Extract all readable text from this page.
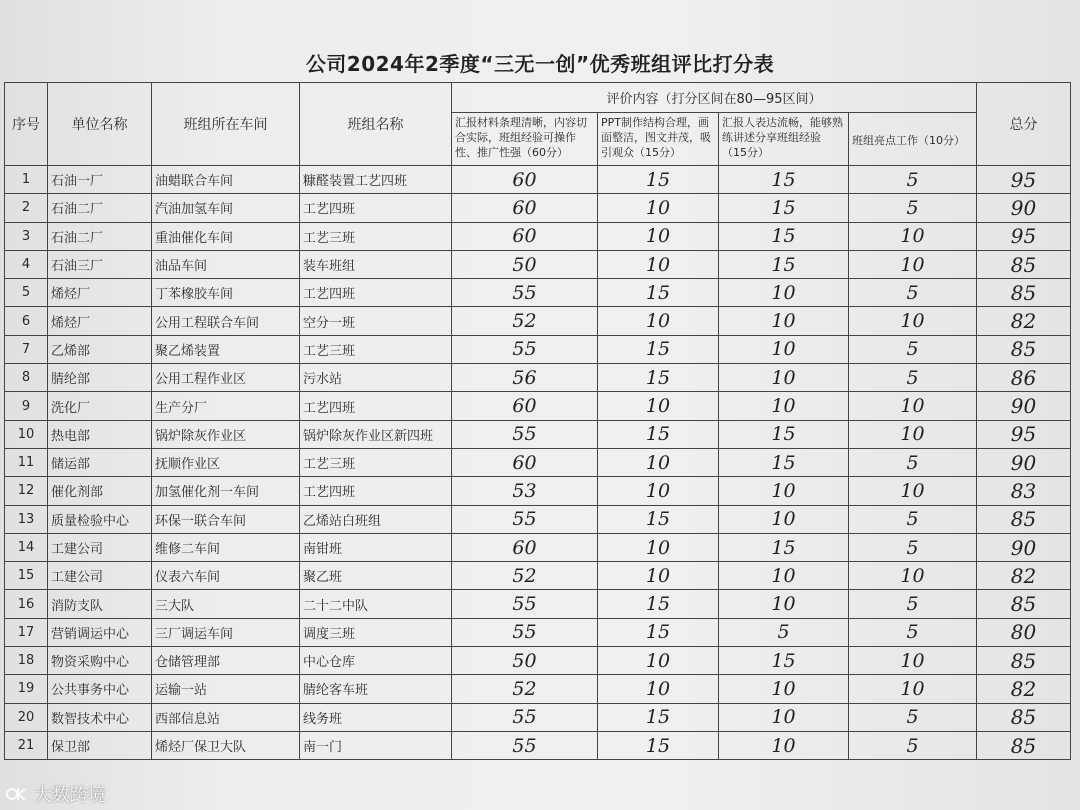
公司2024年2季度“三无一创”优秀班组评比打分表
序号	单位名称	班组所在车间	班组名称	评价内容（打分区间在80—95区间）				总分
				汇报材料条理清晰，内容切合实际，班组经验可操作性、推广性强（60分）	PPT制作结构合理，画面整洁，图文并茂，吸引观众（15分）	汇报人表达流畅，能够熟练讲述分享班组经验（15分）	班组亮点工作（10分）	
1	石油一厂	油蜡联合车间	糠醛装置工艺四班	60	15	15	5	95
2	石油二厂	汽油加氢车间	工艺四班	60	10	15	5	90
3	石油二厂	重油催化车间	工艺三班	60	10	15	10	95
4	石油三厂	油品车间	装车班组	50	10	15	10	85
5	烯烃厂	丁苯橡胶车间	工艺四班	55	15	10	5	85
6	烯烃厂	公用工程联合车间	空分一班	52	10	10	10	82
7	乙烯部	聚乙烯装置	工艺三班	55	15	10	5	85
8	腈纶部	公用工程作业区	污水站	56	15	10	5	86
9	洗化厂	生产分厂	工艺四班	60	10	10	10	90
10	热电部	锅炉除灰作业区	锅炉除灰作业区新四班	55	15	15	10	95
11	储运部	抚顺作业区	工艺三班	60	10	15	5	90
12	催化剂部	加氢催化剂一车间	工艺四班	53	10	10	10	83
13	质量检验中心	环保一联合车间	乙烯站白班组	55	15	10	5	85
14	工建公司	维修二车间	南钳班	60	10	15	5	90
15	工建公司	仪表六车间	聚乙班	52	10	10	10	82
16	消防支队	三大队	二十二中队	55	15	10	5	85
17	营销调运中心	三厂调运车间	调度三班	55	15	5	5	80
18	物资采购中心	仓储管理部	中心仓库	50	10	15	10	85
19	公共事务中心	运输一站	腈纶客车班	52	10	10	10	82
20	数智技术中心	西部信息站	线务班	55	15	10	5	85
21	保卫部	烯烃厂保卫大队	南一门	55	15	10	5	85
大数跨境
